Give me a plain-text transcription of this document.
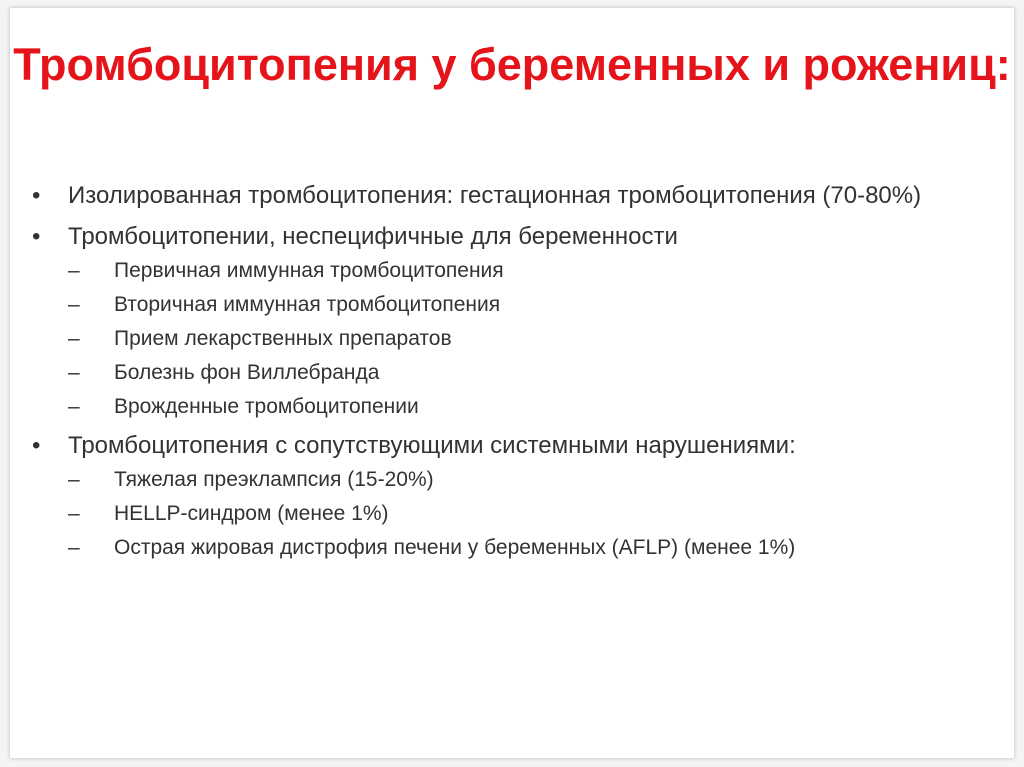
Тромбоцитопения у беременных и рожениц:
• Изолированная тромбоцитопения: гестационная тромбоцитопения (70-80%)
• Тромбоцитопении, неспецифичные для беременности
– Первичная иммунная тромбоцитопения
– Вторичная иммунная тромбоцитопения
– Прием лекарственных препаратов
– Болезнь фон Виллебранда
– Врожденные тромбоцитопении
• Тромбоцитопения с сопутствующими системными нарушениями:
– Тяжелая преэклампсия (15-20%)
– HELLP-синдром (менее 1%)
– Острая жировая дистрофия печени у беременных (AFLP) (менее 1%)
